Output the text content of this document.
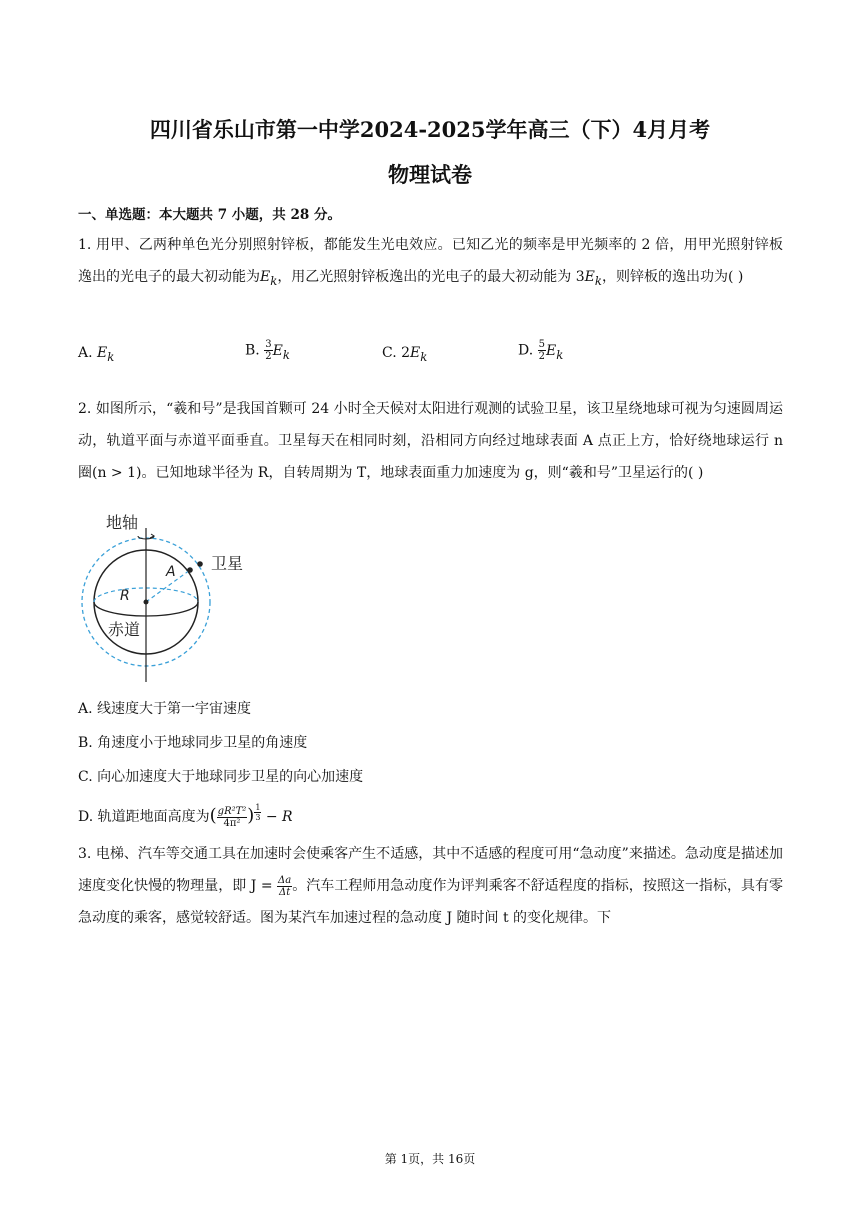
四川省乐山市第一中学2024-2025学年高三（下）4月月考
物理试卷
一、单选题：本大题共 7 小题，共 28 分。
1. 用甲、乙两种单色光分别照射锌板，都能发生光电效应。已知乙光的频率是甲光频率的 2 倍，用甲光照射锌板逸出的光电子的最大初动能为$E_k$，用乙光照射锌板逸出的光电子的最大初动能为 $3E_k$，则锌板的逸出功为( )
A. $E_k$	B. $\frac{3}{2} E_k$	C. $2E_k$	D. $\frac{5}{2} E_k$
2. 如图所示，“羲和号”是我国首颗可 24 小时全天候对太阳进行观测的试验卫星，该卫星绕地球可视为匀速圆周运动，轨道平面与赤道平面垂直。卫星每天在相同时刻，沿相同方向经过地球表面 A 点正上方，恰好绕地球运行 n 圈(n > 1)。已知地球半径为 R，自转周期为 T，地球表面重力加速度为 g，则“羲和号”卫星运行的( )
地轴
卫星
赤道
A
R
A. 线速度大于第一宇宙速度
B. 角速度小于地球同步卫星的角速度
C. 向心加速度大于地球同步卫星的向心加速度
D. 轨道距地面高度为( $\frac{\text{gR²T²}}{\text{4π²}}$ ) $^{\frac{1}{3}}$ − R
3. 电梯、汽车等交通工具在加速时会使乘客产生不适感，其中不适感的程度可用“急动度”来描述。急动度是描述加速度变化快慢的物理量，即 $J = \frac{\Delta a}{\Delta t}$ 。汽车工程师用急动度作为评判乘客不舒适程度的指标，按照这一指标，具有零急动度的乘客，感觉较舒适。图为某汽车加速过程的急动度 J 随时间 t 的变化规律。下
第 1页，共 16页
